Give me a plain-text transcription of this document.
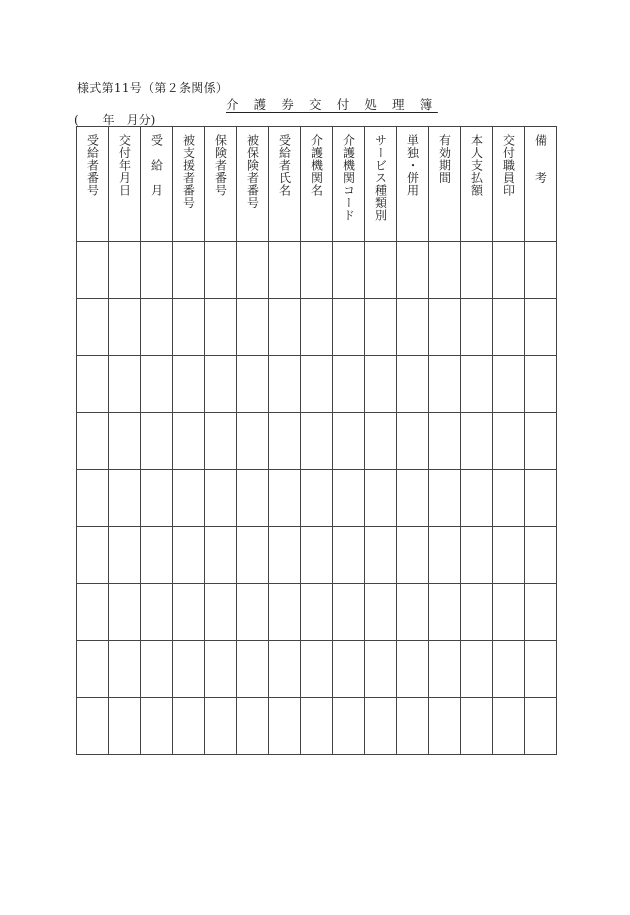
様式第11号（第２条関係）
介 護 券 交 付 処 理 簿
(　　年　月分)
受給者番号	交付年月日	受　給　月	被支援者番号	保険者番号	被保険者番号	受給者氏名	介護機関名	介護機関コード	サービス種類別	単独・併用	有効期間	本人支払額	交付職員印	備　　考
